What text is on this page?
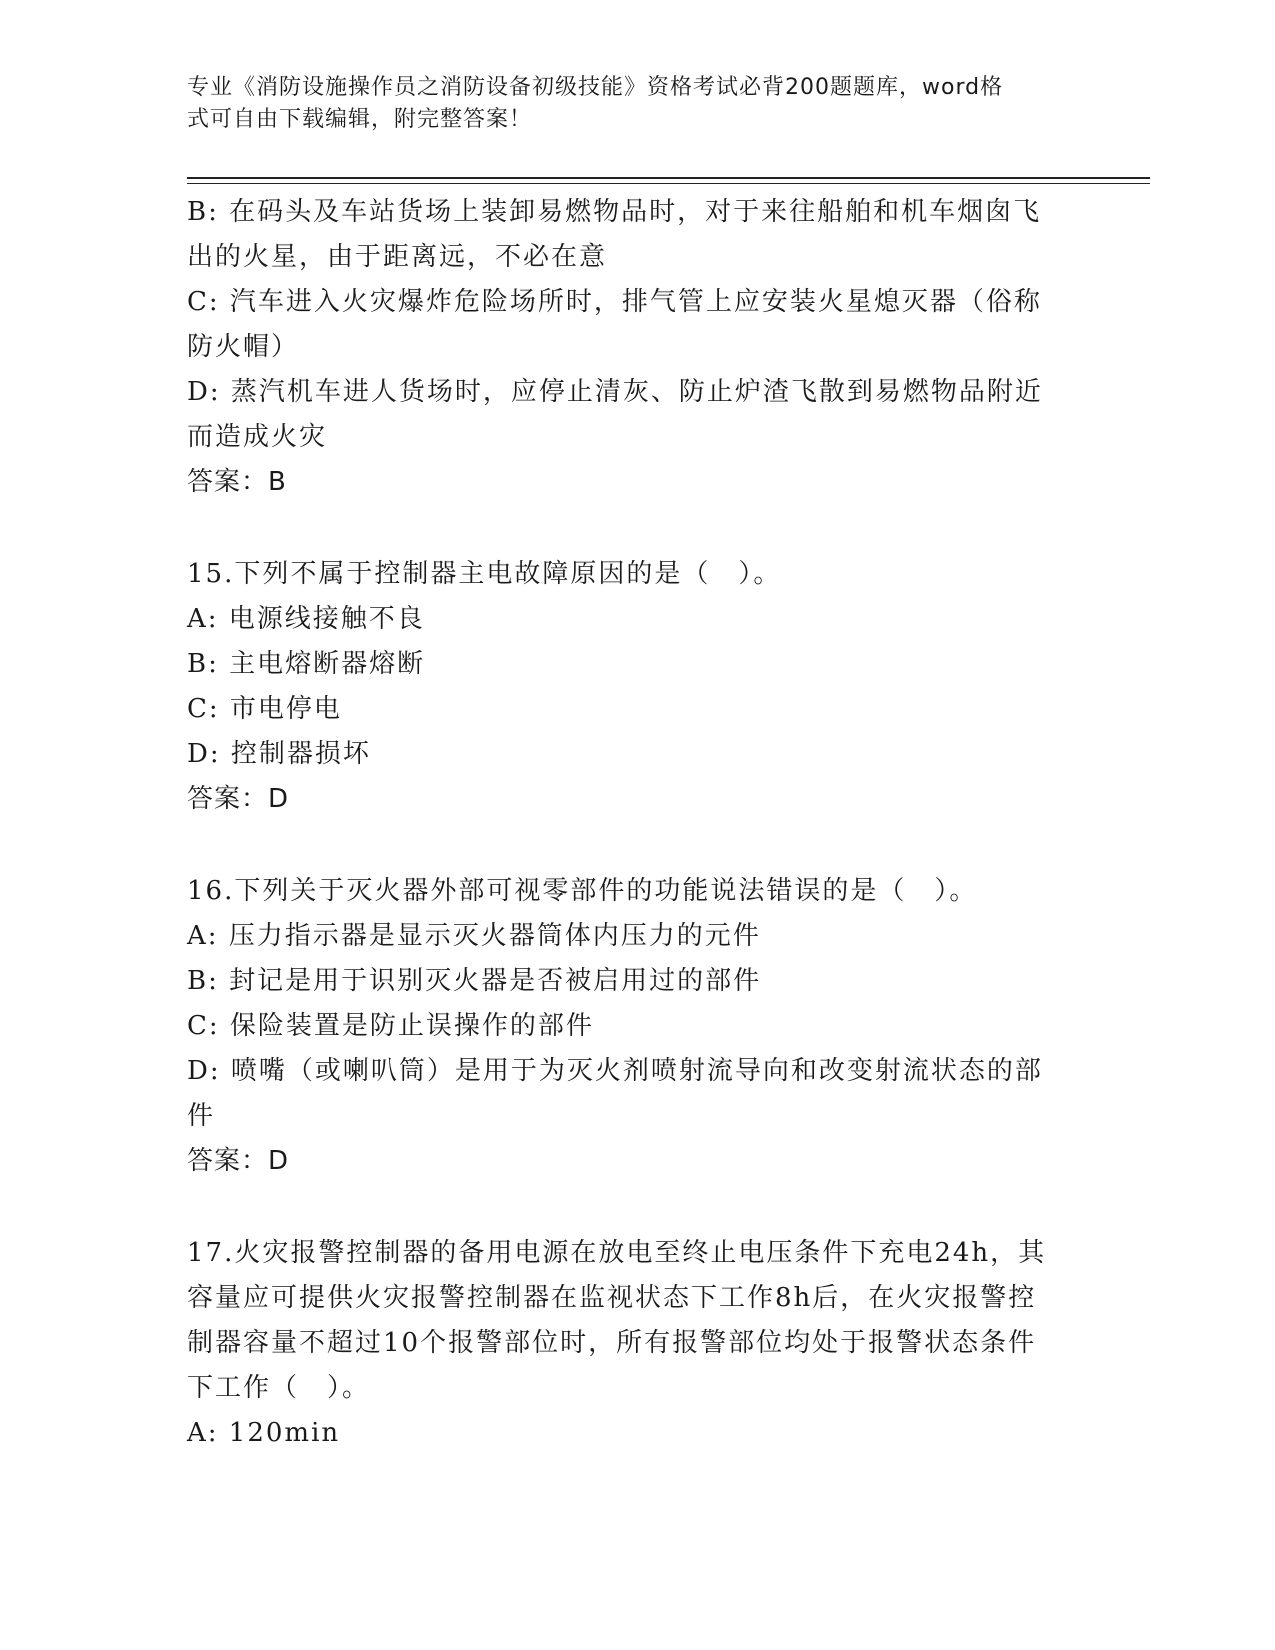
专业《消防设施操作员之消防设备初级技能》资格考试必背200题题库，word格
式可自由下载编辑，附完整答案！
B: 在码头及车站货场上装卸易燃物品时，对于来往船舶和机车烟囱飞
出的火星，由于距离远，不必在意
C: 汽车进入火灾爆炸危险场所时，排气管上应安装火星熄灭器（俗称
防火帽）
D: 蒸汽机车进人货场时，应停止清灰、防止炉渣飞散到易燃物品附近
而造成火灾
答案：B
15.下列不属于控制器主电故障原因的是（　）。
A: 电源线接触不良
B: 主电熔断器熔断
C: 市电停电
D: 控制器损坏
答案：D
16.下列关于灭火器外部可视零部件的功能说法错误的是（　）。
A: 压力指示器是显示灭火器筒体内压力的元件
B: 封记是用于识别灭火器是否被启用过的部件
C: 保险装置是防止误操作的部件
D: 喷嘴（或喇叭筒）是用于为灭火剂喷射流导向和改变射流状态的部
件
答案：D
17.火灾报警控制器的备用电源在放电至终止电压条件下充电24h，其
容量应可提供火灾报警控制器在监视状态下工作8h后，在火灾报警控
制器容量不超过10个报警部位时，所有报警部位均处于报警状态条件
下工作（　）。
A: 120min
